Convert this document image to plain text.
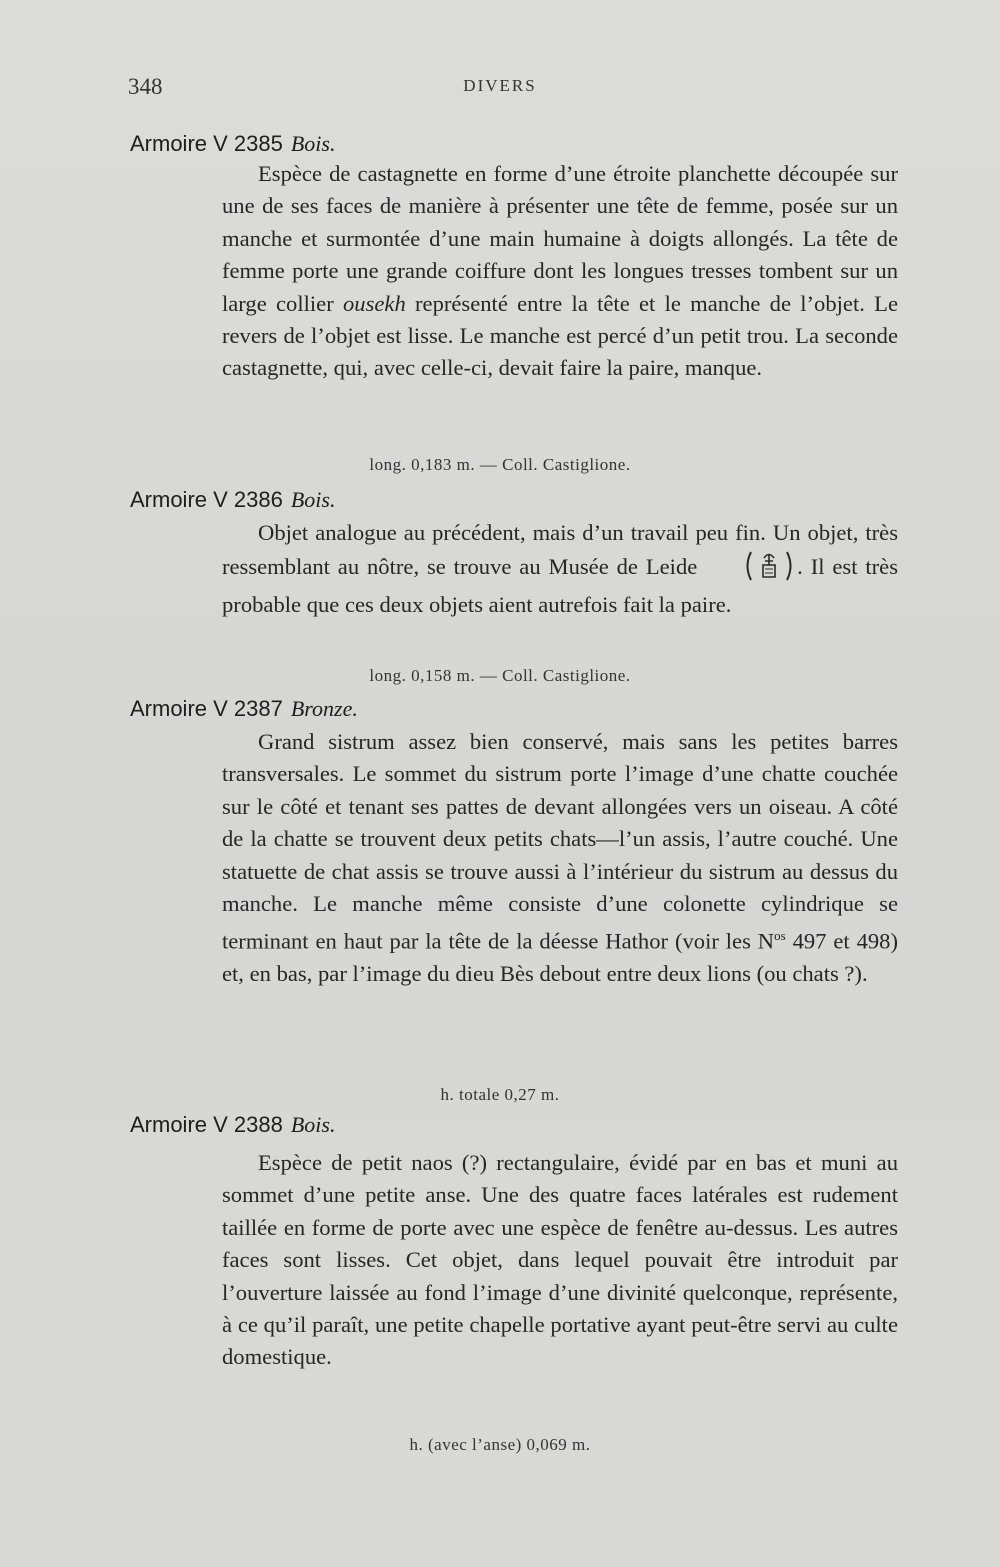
348	DIVERS
Armoire V 2385 Bois.

Espèce de castagnette en forme d’une étroite planchette découpée sur une de ses faces de manière à présenter une tête de femme, posée sur un manche et surmontée d’une main humaine à doigts allongés. La tête de femme porte une grande coiffure dont les longues tresses tombent sur un large collier ousekh représenté entre la tête et le manche de l’objet. Le revers de l’objet est lisse. Le manche est percé d’un petit trou. La seconde castagnette, qui, avec celle-ci, devait faire la paire, manque.

long. 0,183 m. — Coll. Castiglione.

Armoire V 2386 Bois.

Objet analogue au précédent, mais d’un travail peu fin. Un objet, très ressemblant au nôtre, se trouve au Musée de Leide	. Il est très probable que ces deux objets aient autrefois fait la paire.

long. 0,158 m. — Coll. Castiglione.

Armoire V 2387 Bronze.

Grand sistrum assez bien conservé, mais sans les petites barres transversales. Le sommet du sistrum porte l’image d’une chatte couchée sur le côté et tenant ses pattes de devant allongées vers un oiseau. A côté de la chatte se trouvent deux petits chats—l’un assis, l’autre couché. Une statuette de chat assis se trouve aussi à l’intérieur du sistrum au dessus du manche. Le manche même consiste d’une colonette cylindrique se terminant en haut par la tête de la déesse Hathor (voir les $N^{os}$ 497 et 498) et, en bas, par l’image du dieu Bès debout entre deux lions (ou chats ?).

h. totale 0,27 m.

Armoire V 2388 Bois.

Espèce de petit naos (?) rectangulaire, évidé par en bas et muni au sommet d’une petite anse. Une des quatre faces latérales est rudement taillée en forme de porte avec une espèce de fenêtre au-dessus. Les autres faces sont lisses. Cet objet, dans lequel pouvait être introduit par l’ouverture laissée au fond l’image d’une divinité quelconque, représente, à ce qu’il paraît, une petite chapelle portative ayant peut-être servi au culte domestique.

h. (avec l’anse) 0,069 m.
